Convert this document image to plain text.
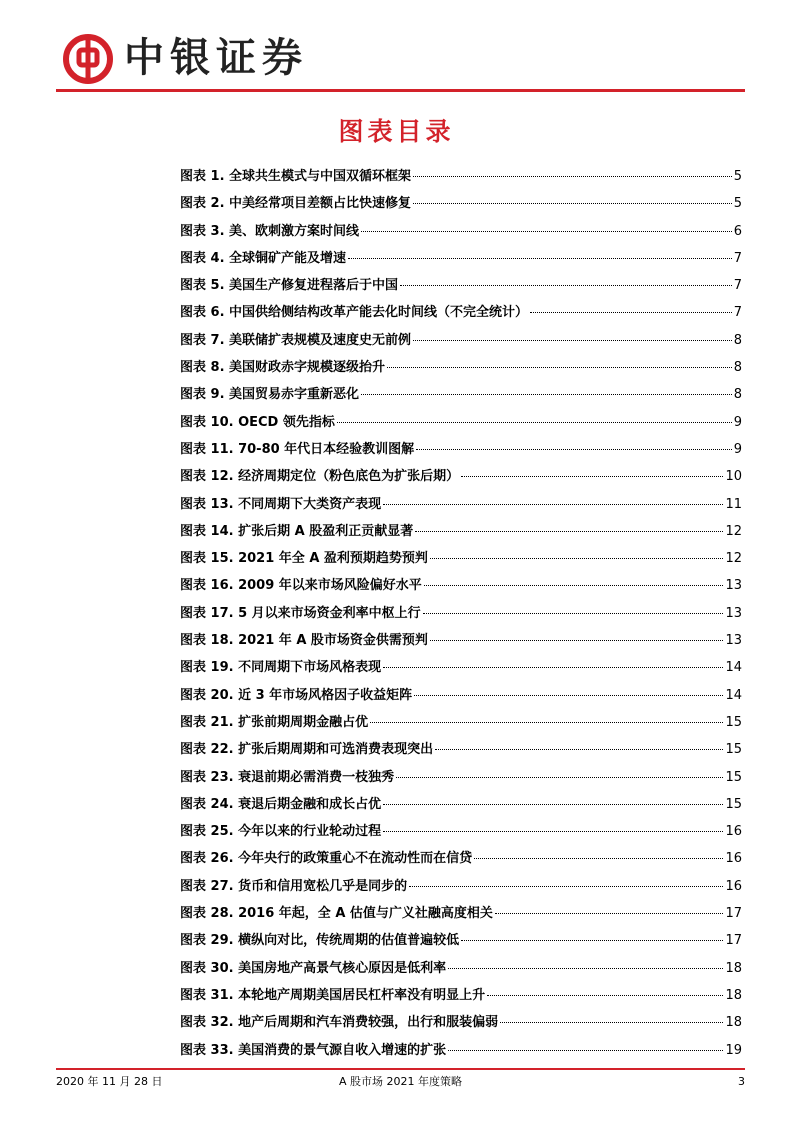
中银证券
图表目录
图表 1. 全球共生模式与中国双循环框架	5
图表 2. 中美经常项目差额占比快速修复	5
图表 3. 美、欧刺激方案时间线	6
图表 4. 全球铜矿产能及增速	7
图表 5. 美国生产修复进程落后于中国	7
图表 6. 中国供给侧结构改革产能去化时间线（不完全统计）	7
图表 7. 美联储扩表规模及速度史无前例	8
图表 8. 美国财政赤字规模逐级抬升	8
图表 9. 美国贸易赤字重新恶化	8
图表 10. OECD 领先指标	9
图表 11. 70-80 年代日本经验教训图解	9
图表 12. 经济周期定位（粉色底色为扩张后期）	10
图表 13. 不同周期下大类资产表现	11
图表 14. 扩张后期 A 股盈利正贡献显著	12
图表 15. 2021 年全 A 盈利预期趋势预判	12
图表 16. 2009 年以来市场风险偏好水平	13
图表 17. 5 月以来市场资金利率中枢上行	13
图表 18. 2021 年 A 股市场资金供需预判	13
图表 19. 不同周期下市场风格表现	14
图表 20. 近 3 年市场风格因子收益矩阵	14
图表 21. 扩张前期周期金融占优	15
图表 22. 扩张后期周期和可选消费表现突出	15
图表 23. 衰退前期必需消费一枝独秀	15
图表 24. 衰退后期金融和成长占优	15
图表 25. 今年以来的行业轮动过程	16
图表 26. 今年央行的政策重心不在流动性而在信贷	16
图表 27. 货币和信用宽松几乎是同步的	16
图表 28. 2016 年起，全 A 估值与广义社融高度相关	17
图表 29. 横纵向对比，传统周期的估值普遍较低	17
图表 30. 美国房地产高景气核心原因是低利率	18
图表 31. 本轮地产周期美国居民杠杆率没有明显上升	18
图表 32. 地产后周期和汽车消费较强，出行和服装偏弱	18
图表 33. 美国消费的景气源自收入增速的扩张	19
2020 年 11 月 28 日	A 股市场 2021 年度策略	3
